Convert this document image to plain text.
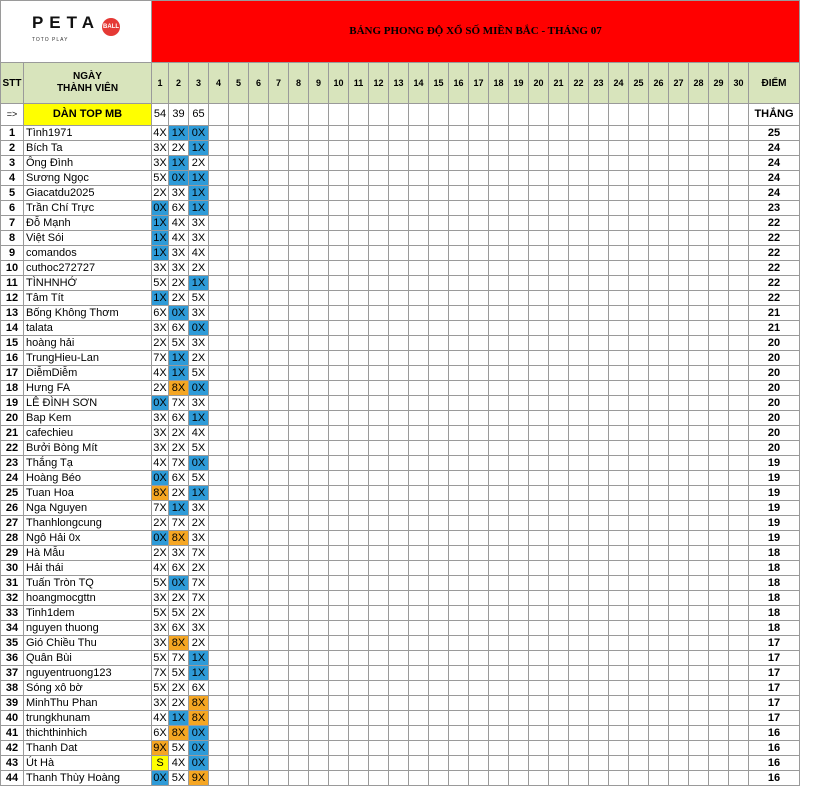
PETA BALL
TOTO PLAY		BẢNG PHONG ĐỘ XỔ SỐ MIỀN BẮC - THÁNG 07																														
STT	NGÀY
THÀNH VIÊN	1	2	3	4	5	6	7	8	9	10	11	12	13	14	15	16	17	18	19	20	21	22	23	24	25	26	27	28	29	30	ĐIỂM
=>	DÀN TOP MB	54	39	65																												THẮNG
1	Tình1971	4X	1X	0X																												25
2	Bích Ta	3X	2X	1X																												24
3	Ông Đình	3X	1X	2X																												24
4	Sương Ngọc	5X	0X	1X																												24
5	Giacatdu2025	2X	3X	1X																												24
6	Trần Chí Trực	0X	6X	1X																												23
7	Đỗ Mạnh	1X	4X	3X																												22
8	Việt Sói	1X	4X	3X																												22
9	comandos	1X	3X	4X																												22
10	cuthoc272727	3X	3X	2X																												22
11	TÌNHNHỚ	5X	2X	1X																												22
12	Tâm Tít	1X	2X	5X																												22
13	Bống Không Thơm	6X	0X	3X																												21
14	talata	3X	6X	0X																												21
15	hoàng hải	2X	5X	3X																												20
16	TrungHieu-Lan	7X	1X	2X																												20
17	DiễmDiễm	4X	1X	5X																												20
18	Hưng FA	2X	8X	0X																												20
19	LÊ ĐÌNH SƠN	0X	7X	3X																												20
20	Bap Kem	3X	6X	1X																												20
21	cafechieu	3X	2X	4X																												20
22	Bưởi Bòng Mít	3X	2X	5X																												20
23	Thắng Tạ	4X	7X	0X																												19
24	Hoàng Béo	0X	6X	5X																												19
25	Tuan Hoa	8X	2X	1X																												19
26	Nga Nguyen	7X	1X	3X																												19
27	Thanhlongcung	2X	7X	2X																												19
28	Ngô Hải 0x	0X	8X	3X																												19
29	Hà Mẫu	2X	3X	7X																												18
30	Hải thái	4X	6X	2X																												18
31	Tuấn Tròn TQ	5X	0X	7X																												18
32	hoangmocgttn	3X	2X	7X																												18
33	Tinh1dem	5X	5X	2X																												18
34	nguyen thuong	3X	6X	3X																												18
35	Gió Chiều Thu	3X	8X	2X																												17
36	Quân Bùi	5X	7X	1X																												17
37	nguyentruong123	7X	5X	1X																												17
38	Sóng xô bờ	5X	2X	6X																												17
39	MinhThu Phan	3X	2X	8X																												17
40	trungkhunam	4X	1X	8X																												17
41	thichthinhich	6X	8X	0X																												16
42	Thanh Dat	9X	5X	0X																												16
43	Út Hà	S	4X	0X																												16
44	Thanh Thùy Hoàng	0X	5X	9X																												16
